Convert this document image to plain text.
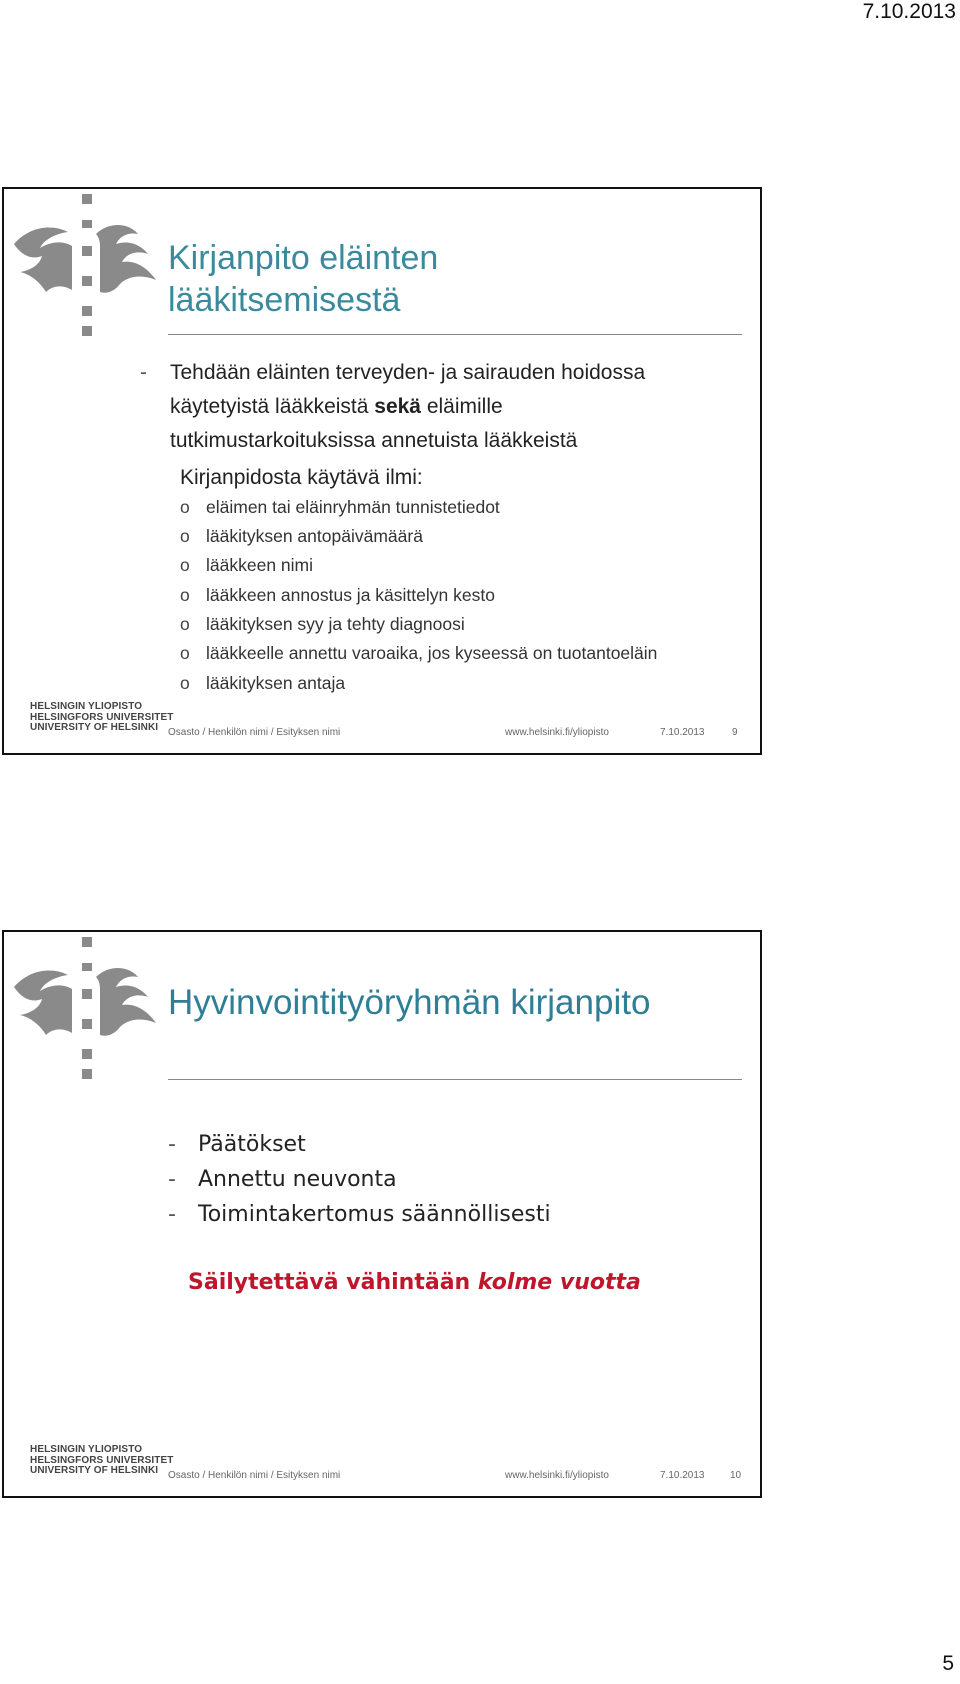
7.10.2013
Kirjanpito eläinten
lääkitsemisestä
- Tehdään eläinten terveyden- ja sairauden hoidossa
käytetyistä lääkkeistä sekä eläimille
tutkimustarkoituksissa annetuista lääkkeistä
Kirjanpidosta käytävä ilmi:
o eläimen tai eläinryhmän tunnistetiedot
o lääkityksen antopäivämäärä
o lääkkeen nimi
o lääkkeen annostus ja käsittelyn kesto
o lääkityksen syy ja tehty diagnoosi
o lääkkeelle annettu varoaika, jos kyseessä on tuotantoeläin
o lääkityksen antaja
HELSINGIN YLIOPISTO
HELSINGFORS UNIVERSITET
UNIVERSITY OF HELSINKI Osasto / Henkilön nimi / Esityksen nimi	www.helsinki.fi/yliopisto	7.10.2013	9
Hyvinvointityöryhmän kirjanpito
- Päätökset
- Annettu neuvonta
- Toimintakertomus säännöllisesti
Säilytettävä vähintään kolme vuotta
HELSINGIN YLIOPISTO
HELSINGFORS UNIVERSITET
UNIVERSITY OF HELSINKI Osasto / Henkilön nimi / Esityksen nimi	www.helsinki.fi/yliopisto	7.10.2013	10
5
